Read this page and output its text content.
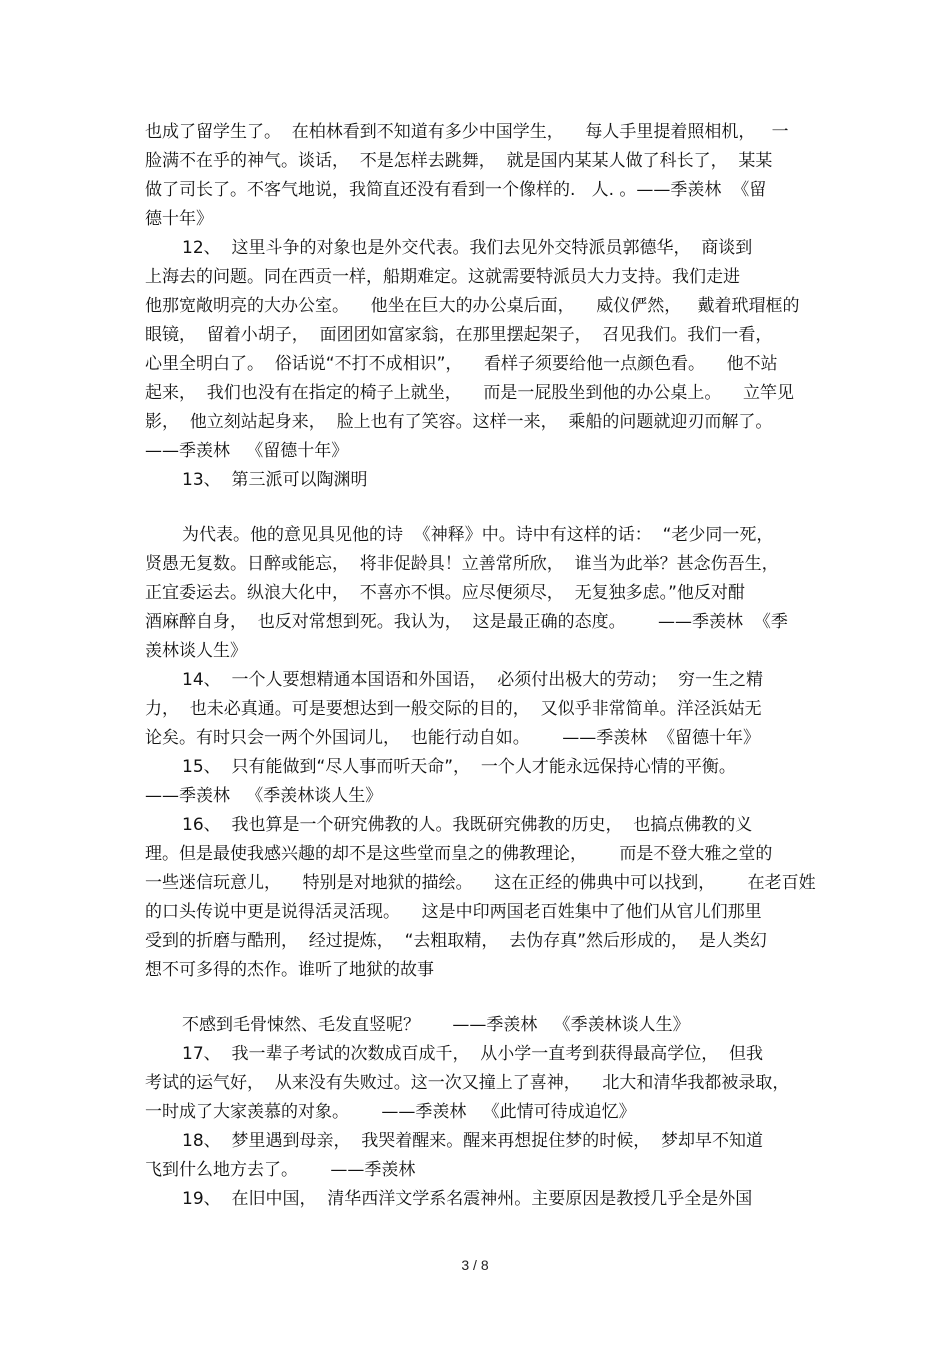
也成了留学生了。  在柏林看到不知道有多少中国学生，    每人手里提着照相机，   一
脸满不在乎的神气。谈话，  不是怎样去跳舞，  就是国内某某人做了科长了，  某某
做了司长了。不客气地说，我简直还没有看到一个像样的.   人. 。——季羡林  《留
德十年》
12、  这里斗争的对象也是外交代表。我们去见外交特派员郭德华，  商谈到
上海去的问题。同在西贡一样，船期难定。这就需要特派员大力支持。我们走进
他那宽敞明亮的大办公室。    他坐在巨大的办公桌后面，    威仪俨然，   戴着玳瑁框的
眼镜，  留着小胡子，  面团团如富家翁，在那里摆起架子，  召见我们。我们一看，
心里全明白了。  俗话说“不打不成相识”，    看样子须要给他一点颜色看。    他不站
起来，  我们也没有在指定的椅子上就坐，    而是一屁股坐到他的办公桌上。    立竿见
影，  他立刻站起身来，  脸上也有了笑容。这样一来，  乘船的问题就迎刃而解了。
——季羡林   《留德十年》
13、  第三派可以陶渊明
为代表。他的意见具见他的诗  《神释》中。诗中有这样的话：  “老少同一死，
贤愚无复数。日醉或能忘，  将非促龄具！立善常所欣，  谁当为此举？甚念伤吾生，
正宜委运去。纵浪大化中，  不喜亦不惧。应尽便须尽，  无复独多虑。”他反对酣
酒麻醉自身，  也反对常想到死。我认为，  这是最正确的态度。      ——季羡林  《季
羡林谈人生》
14、  一个人要想精通本国语和外国语，  必须付出极大的劳动；  穷一生之精
力，  也未必真通。可是要想达到一般交际的目的，  又似乎非常简单。洋泾浜姑无
论矣。有时只会一两个外国词儿，  也能行动自如。      ——季羡林  《留德十年》
15、  只有能做到“尽人事而听天命”，  一个人才能永远保持心情的平衡。
——季羡林   《季羡林谈人生》
16、  我也算是一个研究佛教的人。我既研究佛教的历史，  也搞点佛教的义
理。但是最使我感兴趣的却不是这些堂而皇之的佛教理论，      而是不登大雅之堂的
一些迷信玩意儿，    特别是对地狱的描绘。    这在正经的佛典中可以找到，      在老百姓
的口头传说中更是说得活灵活现。    这是中印两国老百姓集中了他们从官儿们那里
受到的折磨与酷刑，  经过提炼，  “去粗取精，  去伪存真”然后形成的，  是人类幻
想不可多得的杰作。谁听了地狱的故事
不感到毛骨悚然、毛发直竖呢？      ——季羡林   《季羡林谈人生》
17、  我一辈子考试的次数成百成千，  从小学一直考到获得最高学位，  但我
考试的运气好，  从来没有失败过。这一次又撞上了喜神，    北大和清华我都被录取，
一时成了大家羡慕的对象。      ——季羡林   《此情可待成追忆》
18、  梦里遇到母亲，  我哭着醒来。醒来再想捉住梦的时候，  梦却早不知道
飞到什么地方去了。      ——季羡林
19、  在旧中国，  清华西洋文学系名震神州。主要原因是教授几乎全是外国
3 / 8
